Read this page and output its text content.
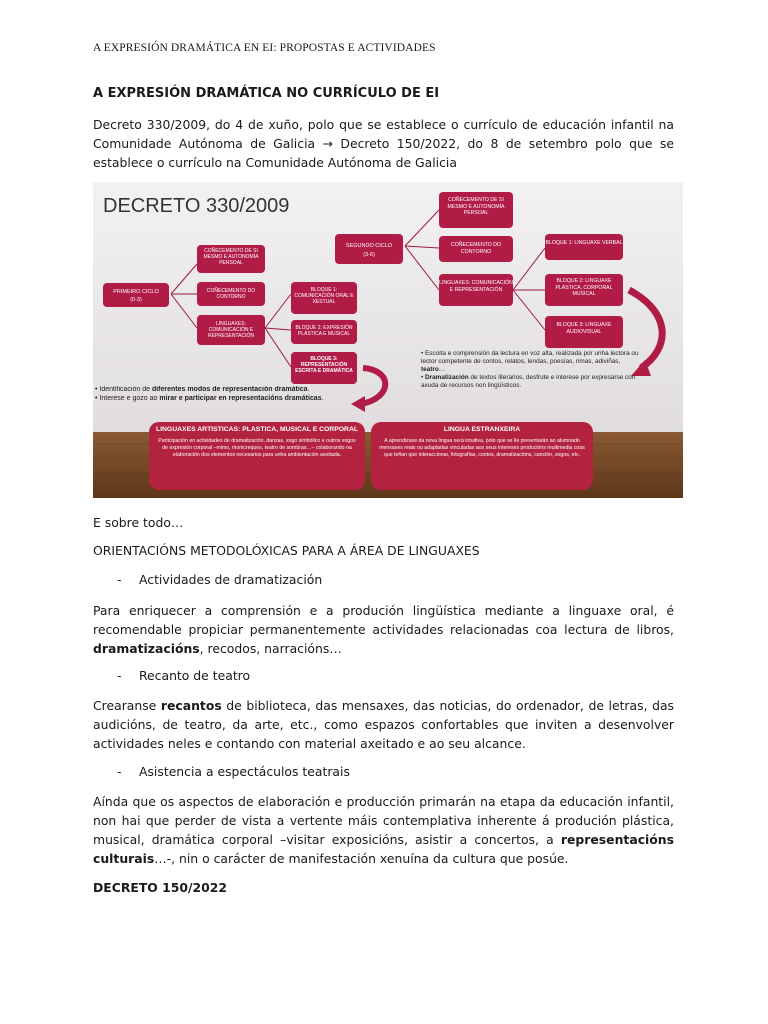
A EXPRESIÓN DRAMÁTICA EN EI: PROPOSTAS E ACTIVIDADES
A EXPRESIÓN DRAMÁTICA NO CURRÍCULO DE EI
Decreto 330/2009, do 4 de xuño, polo que se establece o currículo de educación infantil na Comunidade Autónoma de Galicia → Decreto 150/2022, do 8 de setembro polo que se establece o currículo na Comunidade Autónoma de Galicia
DECRETO 330/2009
PRIMEIRO CICLO
(0-3)
SEGUNDO CICLO
(3-6)
COÑECEMENTO DE SI MESMO E AUTONOMÍA PERSOAL
COÑECEMENTO DO CONTORNO
LINGUAXES: COMUNICACIÓN E REPRESENTACIÓN
BLOQUE 1: COMUNICACIÓN ORAL E XESTUAL
BLOQUE 2: EXPRESIÓN PLÁSTICA E MUSICAL
BLOQUE 3: REPRESENTACIÓN ESCRITA E DRAMÁTICA
COÑECEMENTO DE SI MESMO E AUTONOMÍA PERSOAL
COÑECEMENTO DO CONTORNO
LINGUAXES: COMUNICACIÓN E REPRESENTACIÓN
BLOQUE 1: LINGUAXE VERBAL
BLOQUE 2: LINGUAXE PLÁSTICA, CORPORAL MUSICAL
BLOQUE 3: LINGUAXE AUDIOVISUAL
• Identificación de diferentes modos de representación dramática.
• Interese e gozo ao mirar e participar en representacións dramáticas.
• Escoita e comprensión da lectura en voz alta, realizada por unha lectora ou lector competente de contos, relatos, lendas, poesías, rimas, adiviñas, teatro…
• Dramatización de textos literarios, desfrute e interese por expresarse con axuda de recursos non lingüísticos.
LINGUAXES ARTÍSTICAS: PLÁSTICA, MUSICAL E CORPORAL
Participación en actividades de dramatización, danzas, xogo simbólico e outros xogos de expresión corporal –mimo, monicreques, teatro de sombras…– colaborando na elaboración dos elementos necesarios para unha ambientación axeitada.
LINGUA ESTRANXEIRA
A aprendizaxe da nova lingua será intuitiva, polo que se lle presentarán ao alumnado mensaxes reais ou adaptadas vinculadas aos seus intereses producións multimedia coas que teñan que interaccionar, fotografías, contos, dramatizacións, canción, xogos, etc.
E sobre todo…
ORIENTACIÓNS METODOLÓXICAS PARA A ÁREA DE LINGUAXES
- Actividades de dramatización
Para enriquecer a comprensión e a produción lingüística mediante a linguaxe oral, é recomendable propiciar permanentemente actividades relacionadas coa lectura de libros, dramatizacións, recodos, narracións…
- Recanto de teatro
Crearanse recantos de biblioteca, das mensaxes, das noticias, do ordenador, de letras, das audicións, de teatro, da arte, etc., como espazos confortables que inviten a desenvolver actividades neles e contando con material axeitado e ao seu alcance.
- Asistencia a espectáculos teatrais
Aínda que os aspectos de elaboración e producción primarán na etapa da educación infantil, non hai que perder de vista a vertente máis contemplativa inherente á produción plástica, musical, dramática corporal –visitar exposicións, asistir a concertos, a representacións culturais…-, nin o carácter de manifestación xenuína da cultura que posúe.
DECRETO 150/2022
